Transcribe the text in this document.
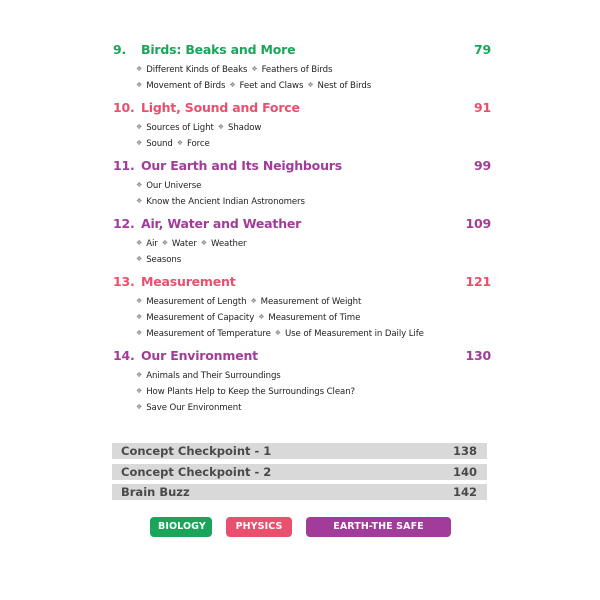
9.	Birds: Beaks and More	79
❖ Different Kinds of Beaks ❖ Feathers of Birds
❖ Movement of Birds ❖ Feet and Claws ❖ Nest of Birds
10. Light, Sound and Force	91
❖ Sources of Light ❖ Shadow
❖ Sound ❖ Force
11. Our Earth and Its Neighbours	99
❖ Our Universe
❖ Know the Ancient Indian Astronomers
12. Air, Water and Weather	109
❖ Air ❖ Water ❖ Weather
❖ Seasons
13. Measurement	121
❖ Measurement of Length ❖ Measurement of Weight
❖ Measurement of Capacity ❖ Measurement of Time
❖ Measurement of Temperature ❖ Use of Measurement in Daily Life
14. Our Environment	130
❖ Animals and Their Surroundings
❖ How Plants Help to Keep the Surroundings Clean?
❖ Save Our Environment
Concept Checkpoint - 1	138
Concept Checkpoint - 2	140
Brain Buzz	142
BIOLOGY	PHYSICS	EARTH-THE SAFE ABODE
